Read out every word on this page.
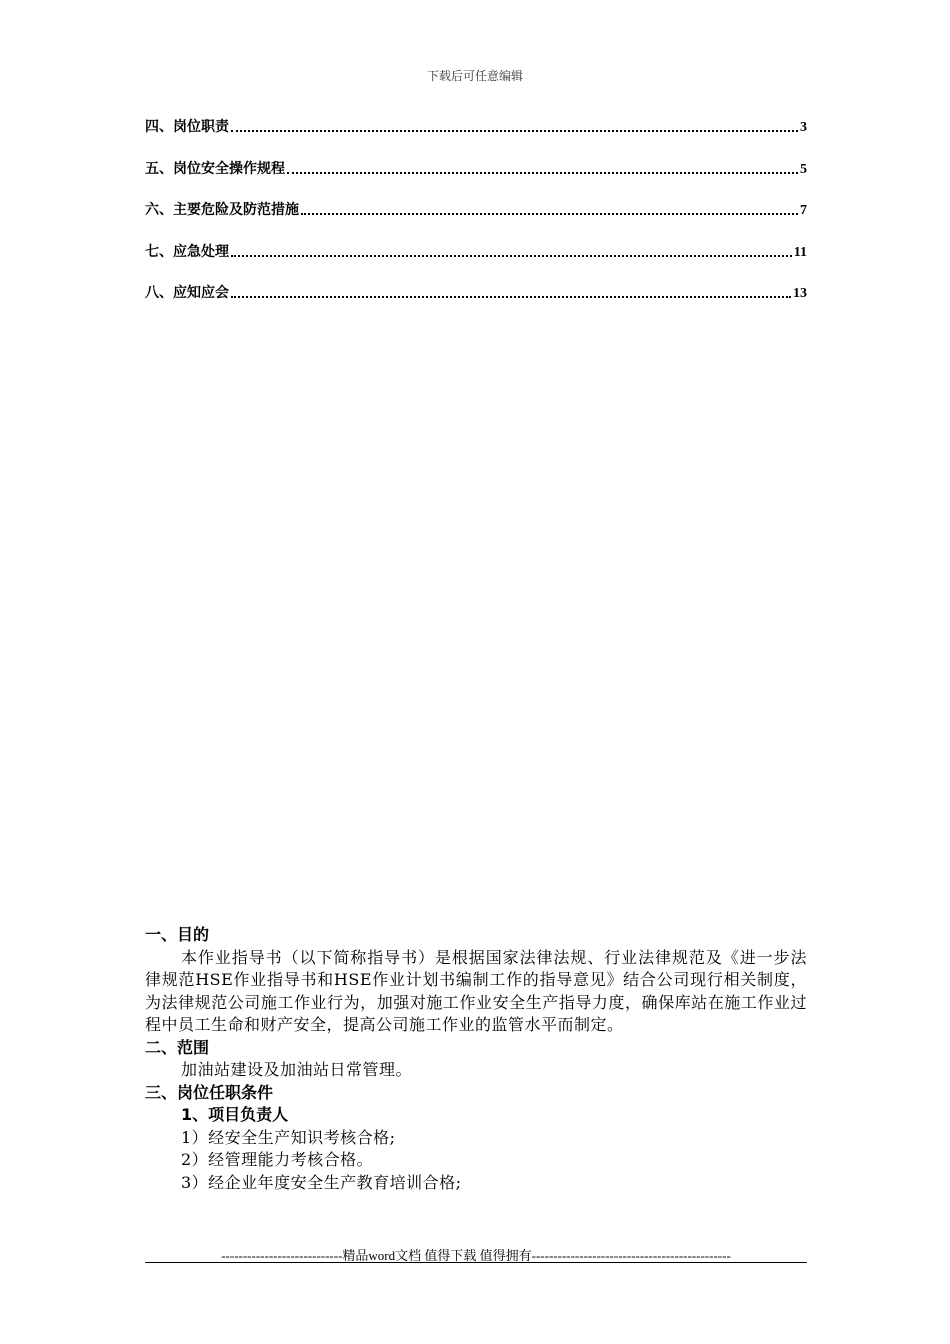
下载后可任意编辑
四、岗位职责	3
五、岗位安全操作规程	5
六、主要危险及防范措施	7
七、应急处理	11
八、应知应会	13
一、目的
本作业指导书（以下简称指导书）是根据国家法律法规、行业法律规范及《进一步法律规范HSE作业指导书和HSE作业计划书编制工作的指导意见》结合公司现行相关制度，为法律规范公司施工作业行为，加强对施工作业安全生产指导力度，确保库站在施工作业过程中员工生命和财产安全，提高公司施工作业的监管水平而制定。
二、范围
加油站建设及加油站日常管理。
三、岗位任职条件
1、项目负责人
1）经安全生产知识考核合格;
2）经管理能力考核合格。
3）经企业年度安全生产教育培训合格;
----------------------------精品word文档 值得下载 值得拥有----------------------------------------------
